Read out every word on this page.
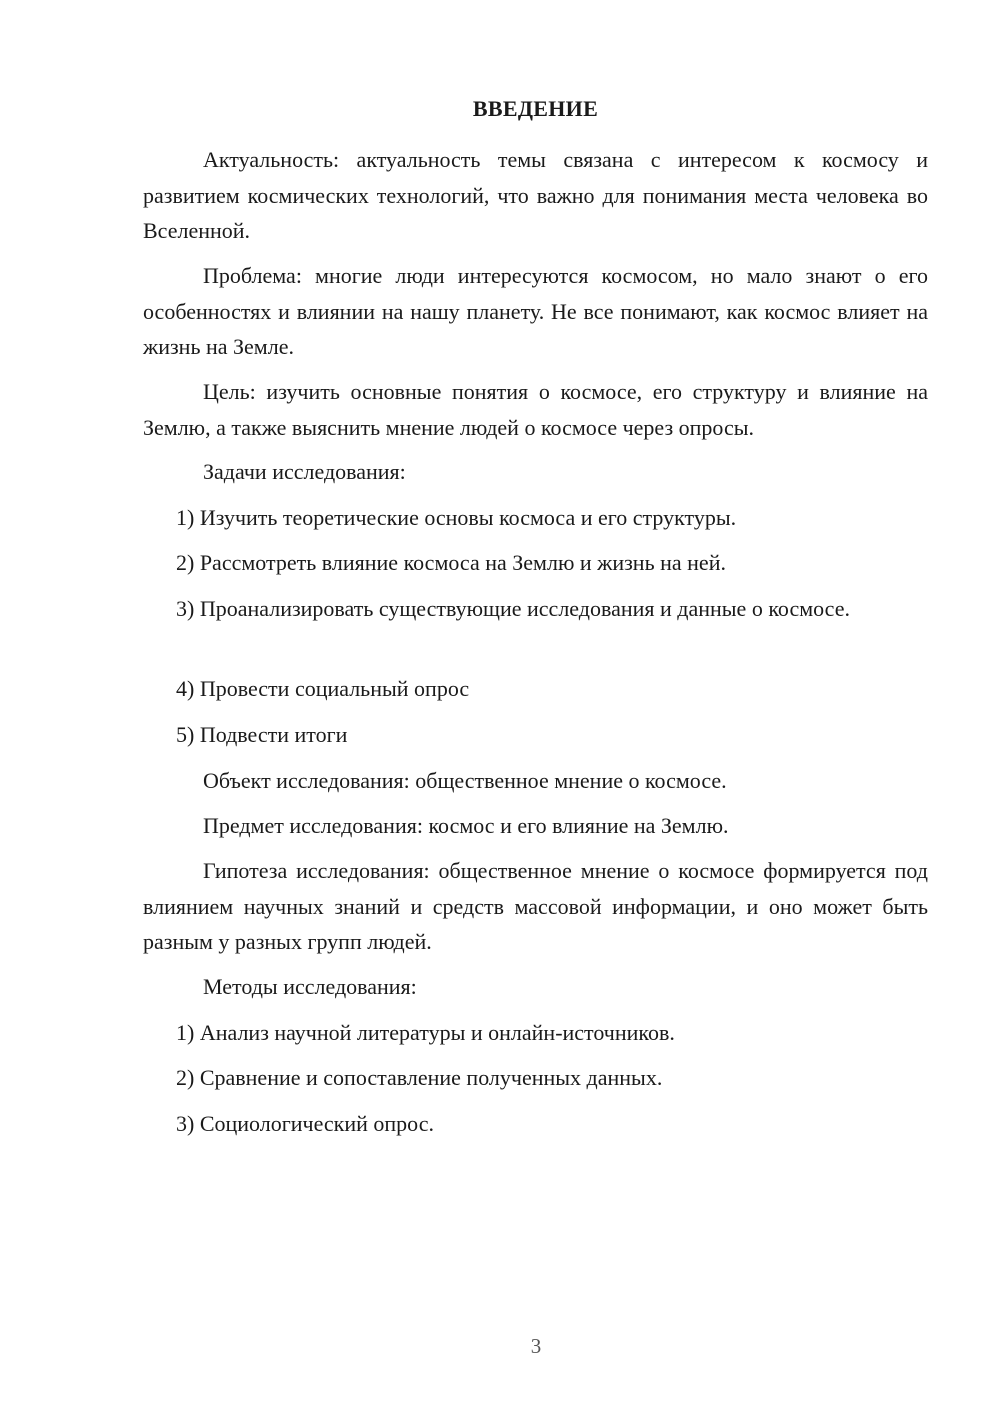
ВВЕДЕНИЕ

Актуальность: актуальность темы связана с интересом к космосу и развитием космических технологий, что важно для понимания места человека во Вселенной.

Проблема: многие люди интересуются космосом, но мало знают о его особенностях и влиянии на нашу планету. Не все понимают, как космос влияет на жизнь на Земле.

Цель: изучить основные понятия о космосе, его структуру и влияние на Землю, а также выяснить мнение людей о космосе через опросы.

Задачи исследования:

1) Изучить теоретические основы космоса и его структуры.

2) Рассмотреть влияние космоса на Землю и жизнь на ней.

3) Проанализировать существующие исследования и данные о космосе.

4) Провести социальный опрос

5) Подвести итоги

Объект исследования: общественное мнение о космосе.

Предмет исследования: космос и его влияние на Землю.

Гипотеза исследования: общественное мнение о космосе формируется под влиянием научных знаний и средств массовой информации, и оно может быть разным у разных групп людей.

Методы исследования:

1) Анализ научной литературы и онлайн-источников.

2) Сравнение и сопоставление полученных данных.

3) Социологический опрос.

3
